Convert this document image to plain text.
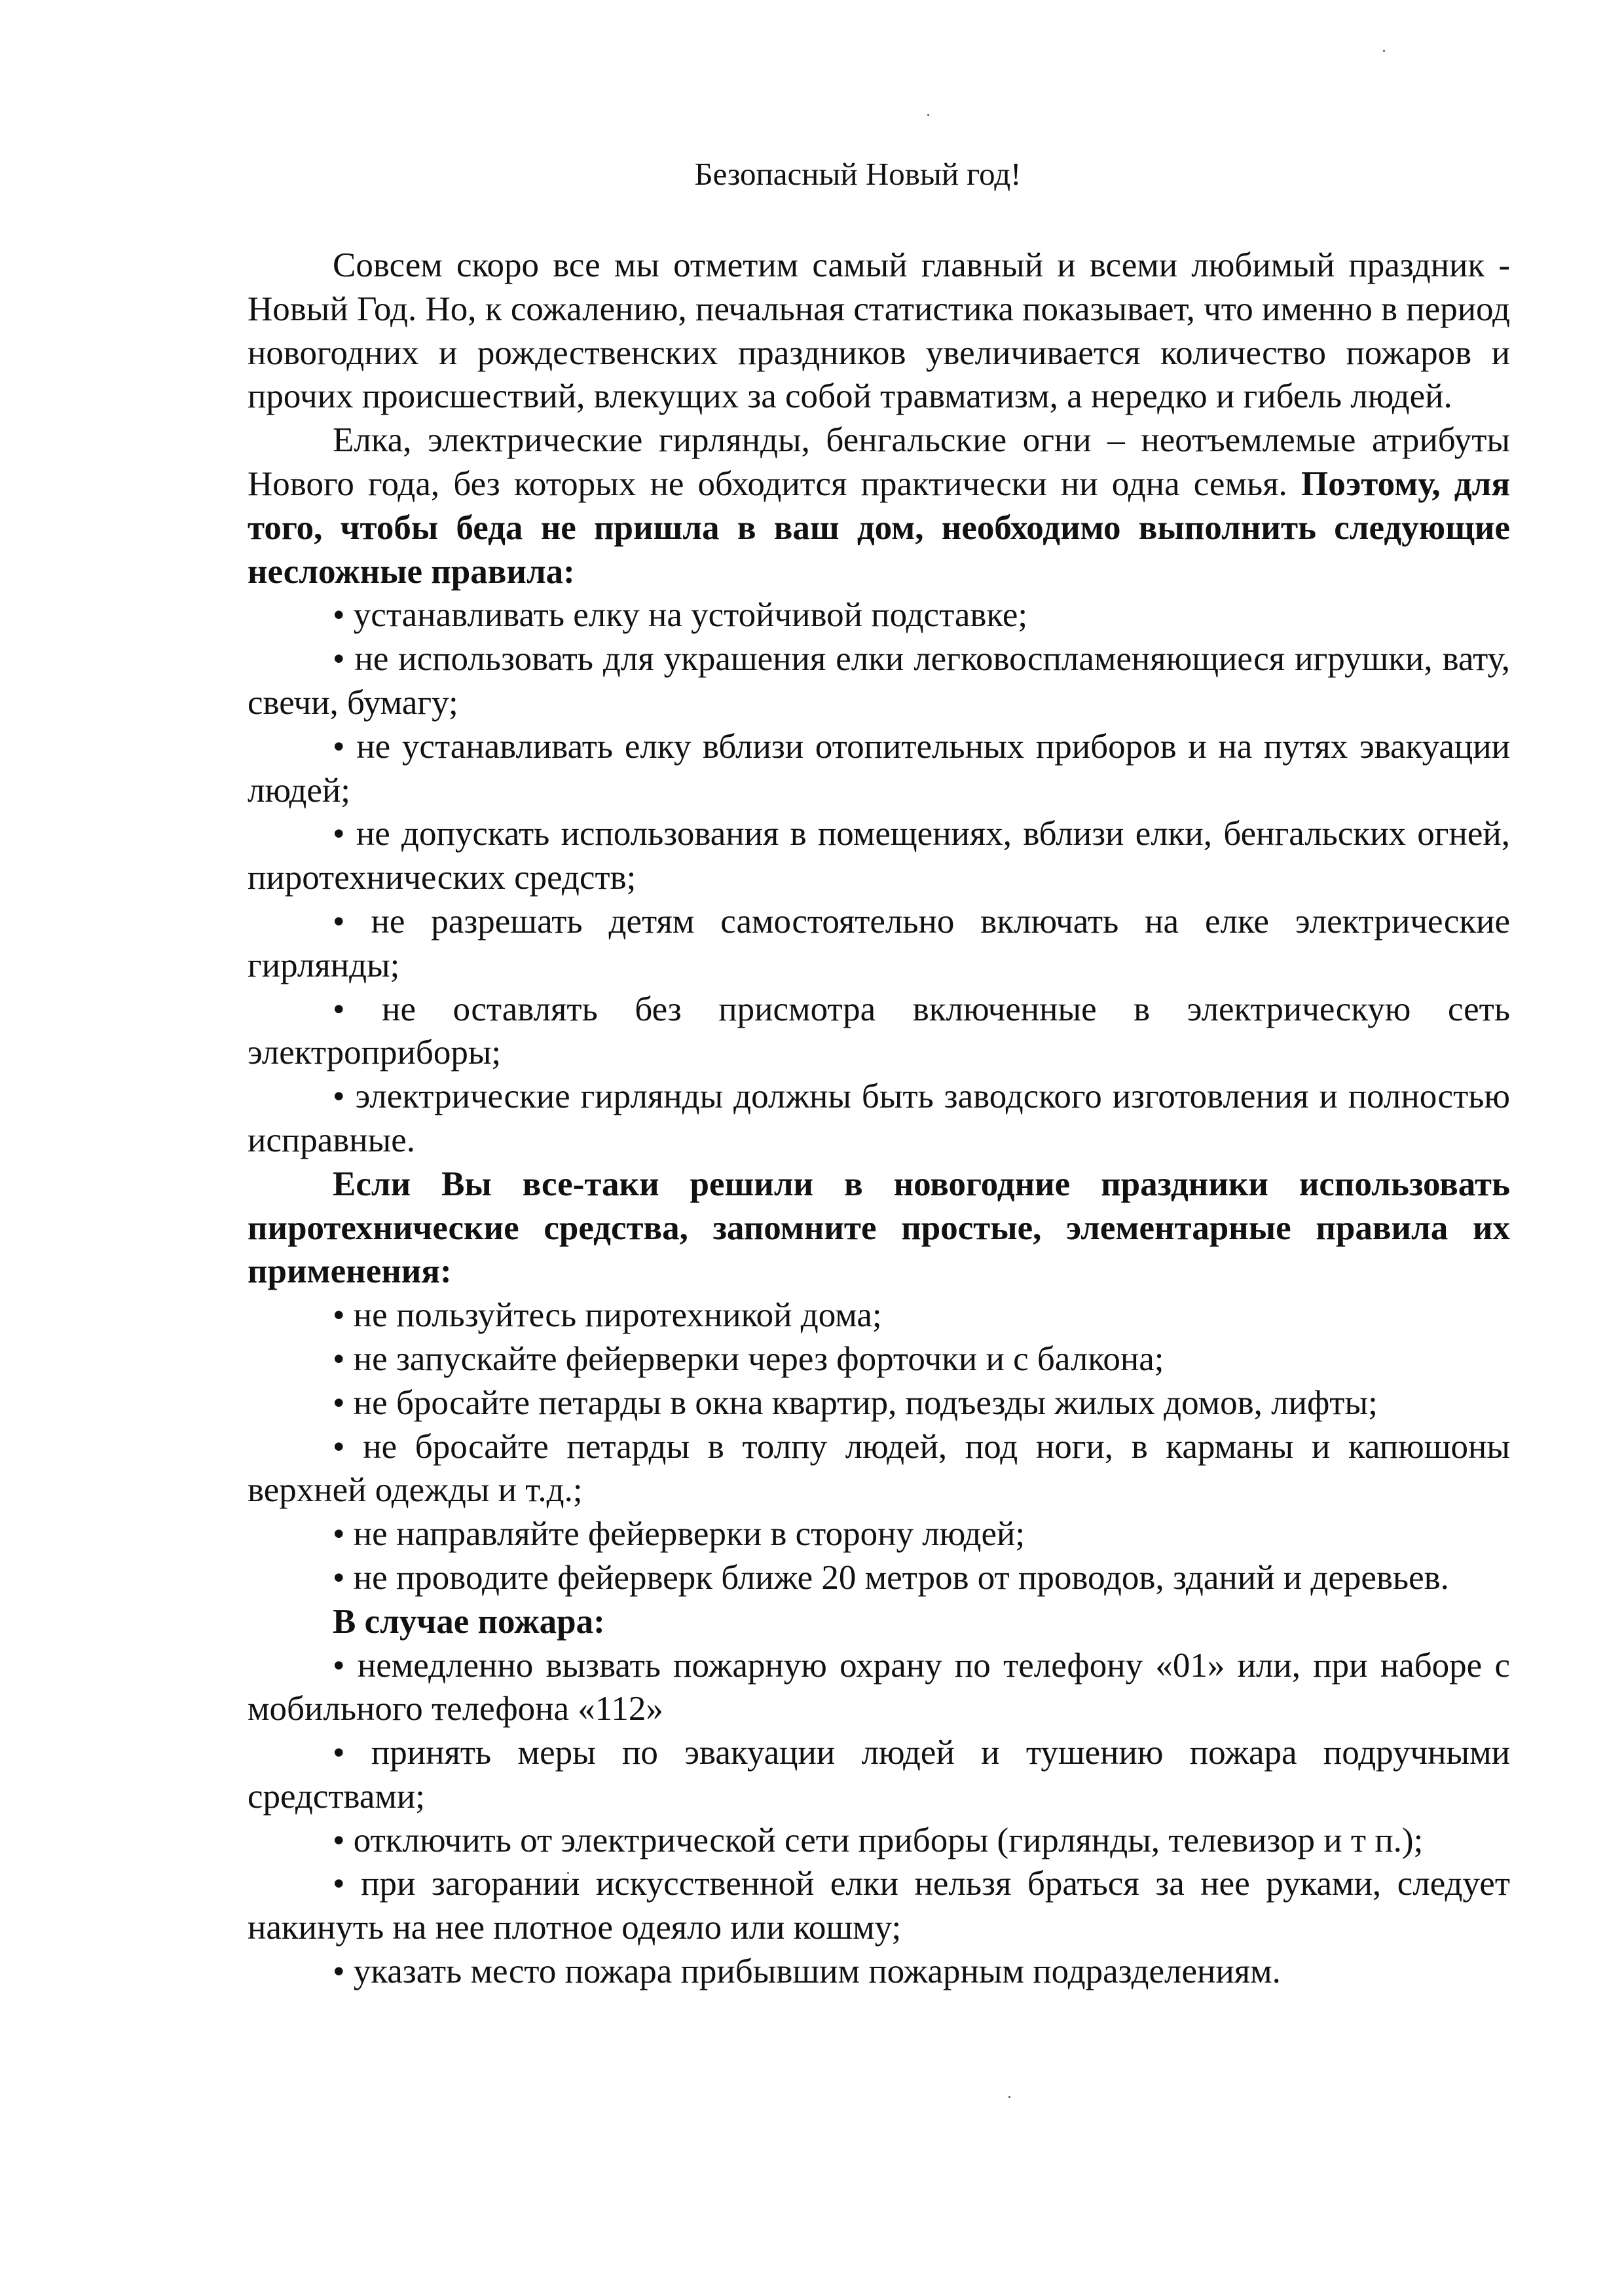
Безопасный Новый год!

Совсем скоро все мы отметим самый главный и всеми любимый праздник - Новый Год. Но, к сожалению, печальная статистика показывает, что именно в период новогодних и рождественских праздников увеличивается количество пожаров и прочих происшествий, влекущих за собой травматизм, а нередко и гибель людей.

Елка, электрические гирлянды, бенгальские огни – неотъемлемые атрибуты Нового года, без которых не обходится практически ни одна семья. Поэтому, для того, чтобы беда не пришла в ваш дом, необходимо выполнить следующие несложные правила:

• устанавливать елку на устойчивой подставке;

• не использовать для украшения елки легковоспламеняющиеся игрушки, вату, свечи, бумагу;

• не устанавливать елку вблизи отопительных приборов и на путях эвакуации людей;

• не допускать использования в помещениях, вблизи елки, бенгальских огней, пиротехнических средств;

• не разрешать детям самостоятельно включать на елке электрические гирлянды;

• не оставлять без присмотра включенные в электрическую сеть электроприборы;

• электрические гирлянды должны быть заводского изготовления и полностью исправные.

Если Вы все-таки решили в новогодние праздники использовать пиротехнические средства, запомните простые, элементарные правила их применения:

• не пользуйтесь пиротехникой дома;

• не запускайте фейерверки через форточки и с балкона;

• не бросайте петарды в окна квартир, подъезды жилых домов, лифты;

• не бросайте петарды в толпу людей, под ноги, в карманы и капюшоны верхней одежды и т.д.;

• не направляйте фейерверки в сторону людей;

• не проводите фейерверк ближе 20 метров от проводов, зданий и деревьев.

В случае пожара:

• немедленно вызвать пожарную охрану по телефону «01» или, при наборе с мобильного телефона «112»

• принять меры по эвакуации людей и тушению пожара подручными средствами;

• отключить от электрической сети приборы (гирлянды, телевизор и т п.);

• при загорании искусственной елки нельзя браться за нее руками, следует накинуть на нее плотное одеяло или кошму;

• указать место пожара прибывшим пожарным подразделениям.
